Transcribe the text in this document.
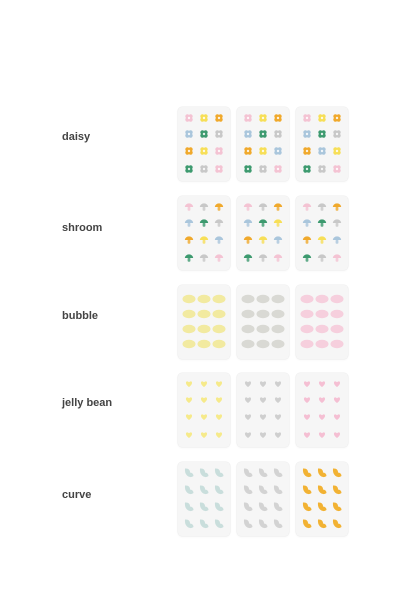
daisy
shroom
bubble
jelly bean
curve
